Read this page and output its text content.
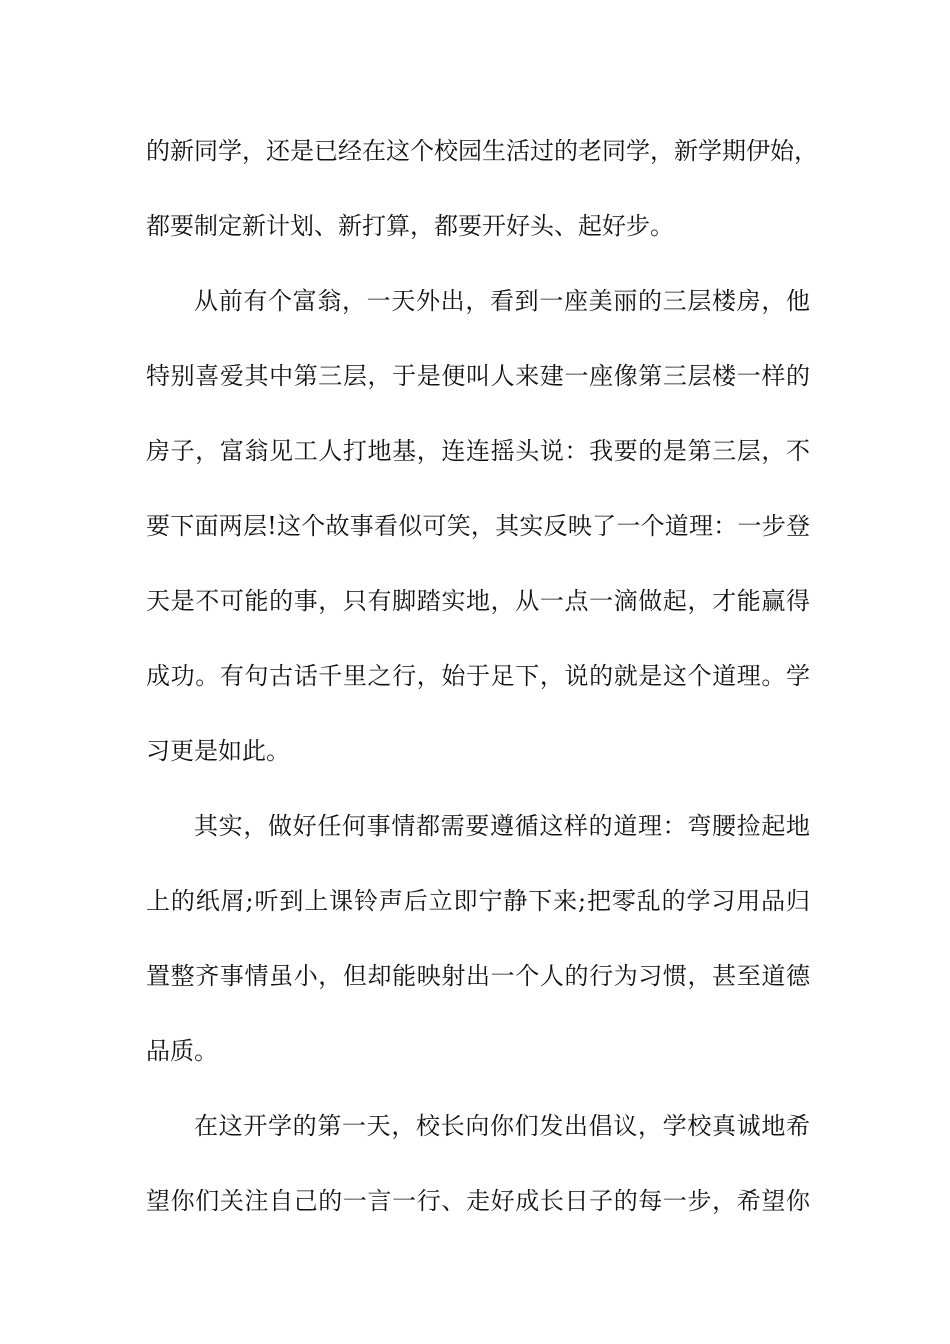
的新同学，还是已经在这个校园生活过的老同学，新学期伊始，
都要制定新计划、新打算，都要开好头、起好步。
从前有个富翁，一天外出，看到一座美丽的三层楼房，他
特别喜爱其中第三层，于是便叫人来建一座像第三层楼一样的
房子，富翁见工人打地基，连连摇头说：我要的是第三层，不
要下面两层!这个故事看似可笑，其实反映了一个道理：一步登
天是不可能的事，只有脚踏实地，从一点一滴做起，才能赢得
成功。有句古话千里之行，始于足下，说的就是这个道理。学
习更是如此。
其实，做好任何事情都需要遵循这样的道理：弯腰捡起地
上的纸屑;听到上课铃声后立即宁静下来;把零乱的学习用品归
置整齐事情虽小，但却能映射出一个人的行为习惯，甚至道德
品质。
在这开学的第一天，校长向你们发出倡议，学校真诚地希
望你们关注自己的一言一行、走好成长日子的每一步，希望你
